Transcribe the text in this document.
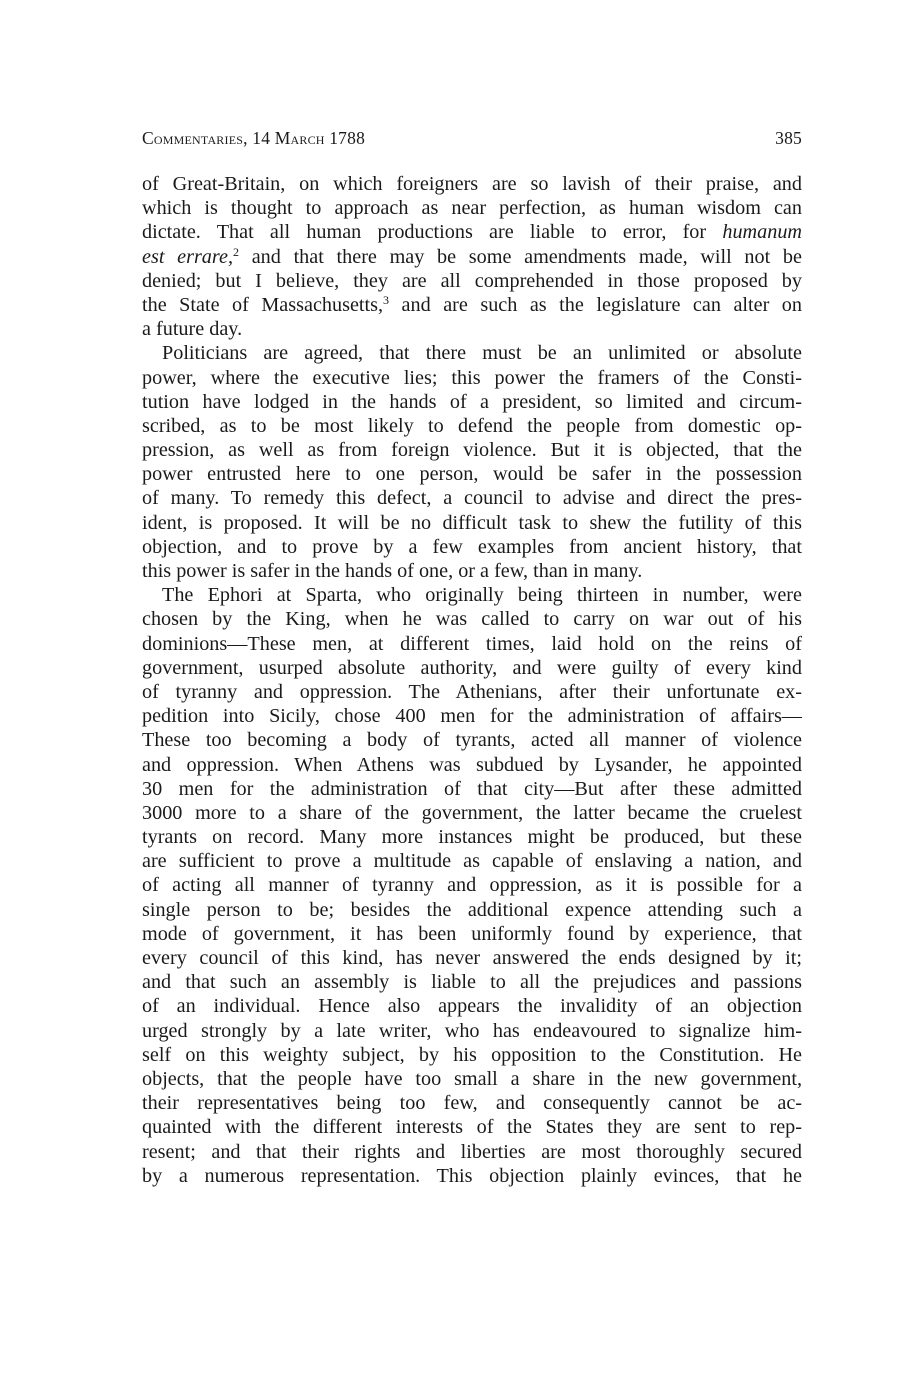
Commentaries, 14 March 1788	385
of Great-Britain, on which foreigners are so lavish of their praise, and
which is thought to approach as near perfection, as human wisdom can
dictate. That all human productions are liable to error, for humanum
est errare,$^2$ and that there may be some amendments made, will not be
denied; but I believe, they are all comprehended in those proposed by
the State of Massachusetts,$^3$ and are such as the legislature can alter on
a future day.
Politicians are agreed, that there must be an unlimited or absolute
power, where the executive lies; this power the framers of the Consti-
tution have lodged in the hands of a president, so limited and circum-
scribed, as to be most likely to defend the people from domestic op-
pression, as well as from foreign violence. But it is objected, that the
power entrusted here to one person, would be safer in the possession
of many. To remedy this defect, a council to advise and direct the pres-
ident, is proposed. It will be no difficult task to shew the futility of this
objection, and to prove by a few examples from ancient history, that
this power is safer in the hands of one, or a few, than in many.
The Ephori at Sparta, who originally being thirteen in number, were
chosen by the King, when he was called to carry on war out of his
dominions—These men, at different times, laid hold on the reins of
government, usurped absolute authority, and were guilty of every kind
of tyranny and oppression. The Athenians, after their unfortunate ex-
pedition into Sicily, chose 400 men for the administration of affairs—
These too becoming a body of tyrants, acted all manner of violence
and oppression. When Athens was subdued by Lysander, he appointed
30 men for the administration of that city—But after these admitted
3000 more to a share of the government, the latter became the cruelest
tyrants on record. Many more instances might be produced, but these
are sufficient to prove a multitude as capable of enslaving a nation, and
of acting all manner of tyranny and oppression, as it is possible for a
single person to be; besides the additional expence attending such a
mode of government, it has been uniformly found by experience, that
every council of this kind, has never answered the ends designed by it;
and that such an assembly is liable to all the prejudices and passions
of an individual. Hence also appears the invalidity of an objection
urged strongly by a late writer, who has endeavoured to signalize him-
self on this weighty subject, by his opposition to the Constitution. He
objects, that the people have too small a share in the new government,
their representatives being too few, and consequently cannot be ac-
quainted with the different interests of the States they are sent to rep-
resent; and that their rights and liberties are most thoroughly secured
by a numerous representation. This objection plainly evinces, that he
